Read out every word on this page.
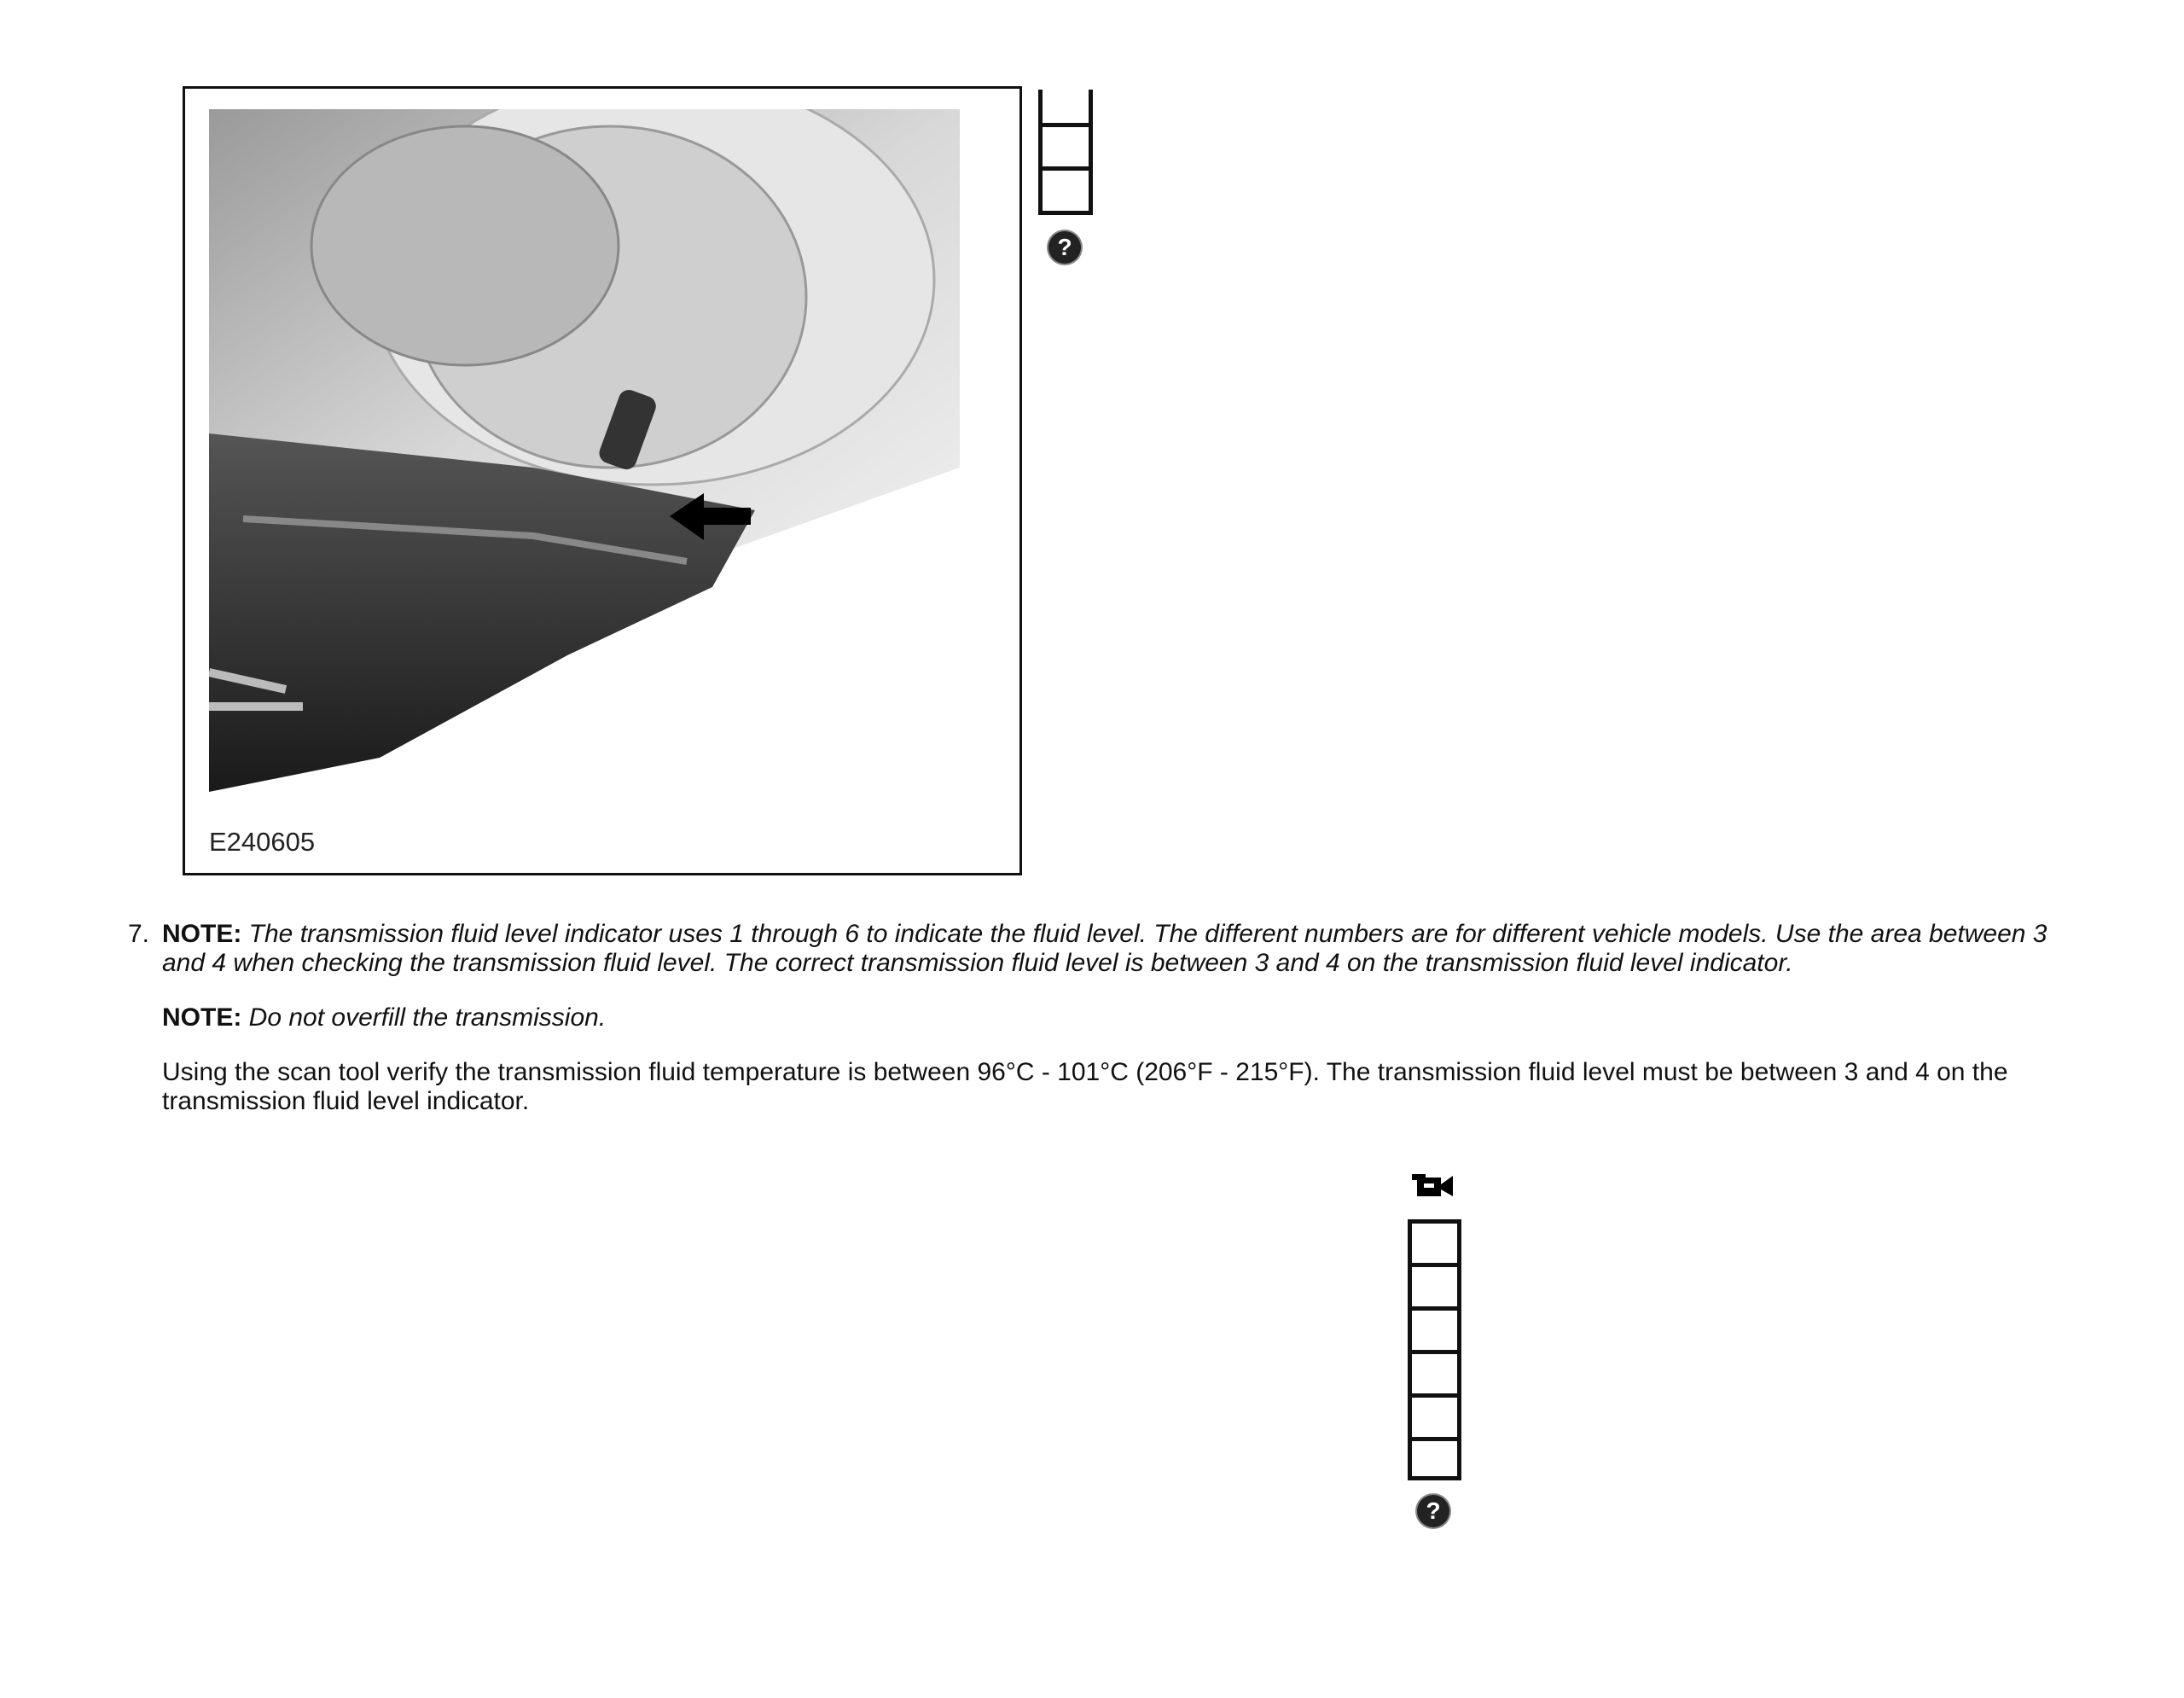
E240605
?
7. NOTE: The transmission fluid level indicator uses 1 through 6 to indicate the fluid level. The different numbers are for different vehicle models. Use the area between 3 and 4 when checking the transmission fluid level. The correct transmission fluid level is between 3 and 4 on the transmission fluid level indicator.

NOTE: Do not overfill the transmission.

Using the scan tool verify the transmission fluid temperature is between 96°C - 101°C (206°F - 215°F). The transmission fluid level must be between 3 and 4 on the transmission fluid level indicator.

?
